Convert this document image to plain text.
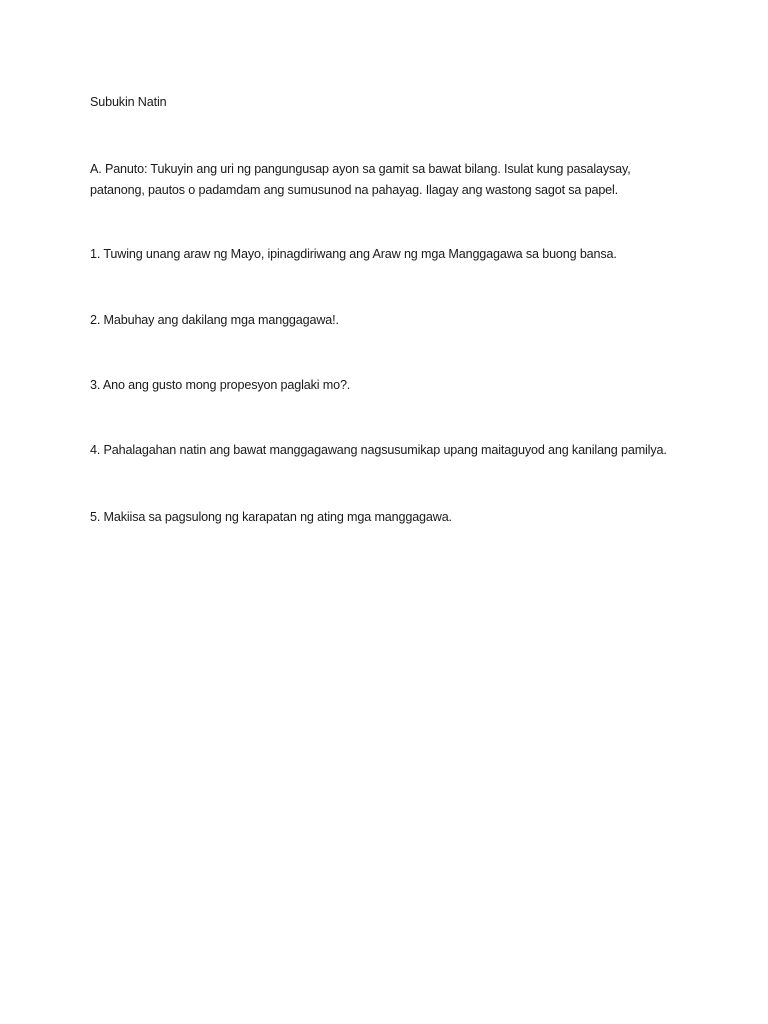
Subukin Natin
A. Panuto: Tukuyin ang uri ng pangungusap ayon sa gamit sa bawat bilang. Isulat kung pasalaysay,
patanong, pautos o padamdam ang sumusunod na pahayag. Ilagay ang wastong sagot sa papel.
1. Tuwing unang araw ng Mayo, ipinagdiriwang ang Araw ng mga Manggagawa sa buong bansa.
2. Mabuhay ang dakilang mga manggagawa!.
3. Ano ang gusto mong propesyon paglaki mo?.
4. Pahalagahan natin ang bawat manggagawang nagsusumikap upang maitaguyod ang kanilang pamilya.
5. Makiisa sa pagsulong ng karapatan ng ating mga manggagawa.
